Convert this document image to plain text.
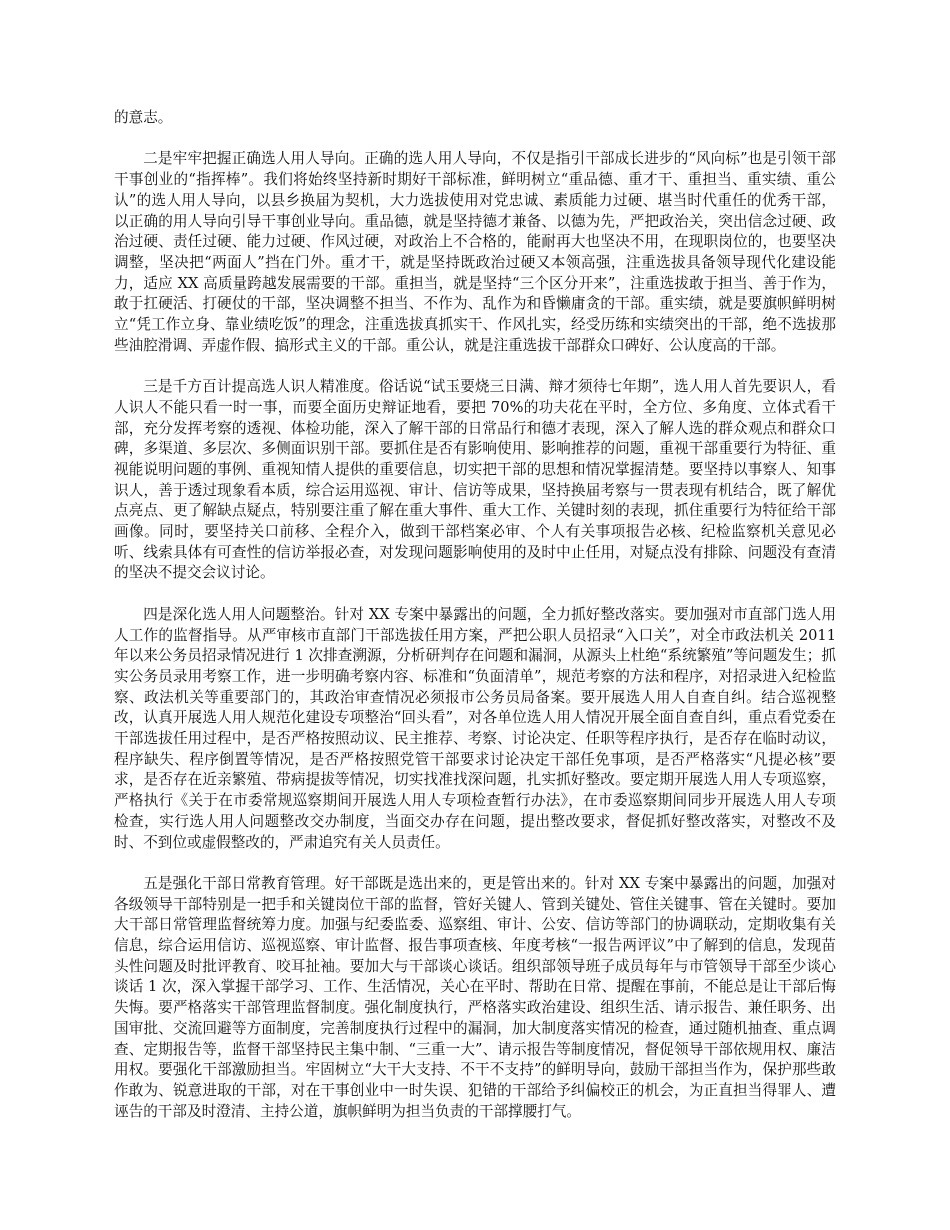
的意志。

二是牢牢把握正确选人用人导向。正确的选人用人导向，不仅是指引干部成长进步的“风向标”也是引领干部干事创业的“指挥棒”。我们将始终坚持新时期好干部标准，鲜明树立“重品德、重才干、重担当、重实绩、重公认”的选人用人导向，以县乡换届为契机，大力选拔使用对党忠诚、素质能力过硬、堪当时代重任的优秀干部，以正确的用人导向引导干事创业导向。重品德，就是坚持德才兼备、以德为先，严把政治关，突出信念过硬、政治过硬、责任过硬、能力过硬、作风过硬，对政治上不合格的，能耐再大也坚决不用，在现职岗位的，也要坚决调整，坚决把“两面人”挡在门外。重才干，就是坚持既政治过硬又本领高强，注重选拔具备领导现代化建设能力，适应 XX 高质量跨越发展需要的干部。重担当，就是坚持“三个区分开来”，注重选拔敢于担当、善于作为，敢于扛硬活、打硬仗的干部，坚决调整不担当、不作为、乱作为和昏懒庸贪的干部。重实绩，就是要旗帜鲜明树立“凭工作立身、靠业绩吃饭”的理念，注重选拔真抓实干、作风扎实，经受历练和实绩突出的干部，绝不选拔那些油腔滑调、弄虚作假、搞形式主义的干部。重公认，就是注重选拔干部群众口碑好、公认度高的干部。

三是千方百计提高选人识人精准度。俗话说“试玉要烧三日满、辩才须待七年期”，选人用人首先要识人，看人识人不能只看一时一事，而要全面历史辩证地看，要把 70%的功夫花在平时，全方位、多角度、立体式看干部，充分发挥考察的透视、体检功能，深入了解干部的日常品行和德才表现，深入了解人选的群众观点和群众口碑，多渠道、多层次、多侧面识别干部。要抓住是否有影响使用、影响推荐的问题，重视干部重要行为特征、重视能说明问题的事例、重视知情人提供的重要信息，切实把干部的思想和情况掌握清楚。要坚持以事察人、知事识人，善于透过现象看本质，综合运用巡视、审计、信访等成果，坚持换届考察与一贯表现有机结合，既了解优点亮点、更了解缺点疑点，特别要注重了解在重大事件、重大工作、关键时刻的表现，抓住重要行为特征给干部画像。同时，要坚持关口前移、全程介入，做到干部档案必审、个人有关事项报告必核、纪检监察机关意见必听、线索具体有可查性的信访举报必查，对发现问题影响使用的及时中止任用，对疑点没有排除、问题没有查清的坚决不提交会议讨论。

四是深化选人用人问题整治。针对 XX 专案中暴露出的问题，全力抓好整改落实。要加强对市直部门选人用人工作的监督指导。从严审核市直部门干部选拔任用方案，严把公职人员招录“入口关”，对全市政法机关 2011 年以来公务员招录情况进行 1 次排查溯源，分析研判存在问题和漏洞，从源头上杜绝“系统繁殖”等问题发生；抓实公务员录用考察工作，进一步明确考察内容、标准和“负面清单”，规范考察的方法和程序，对招录进入纪检监察、政法机关等重要部门的，其政治审查情况必须报市公务员局备案。要开展选人用人自查自纠。结合巡视整改，认真开展选人用人规范化建设专项整治“回头看”，对各单位选人用人情况开展全面自查自纠，重点看党委在干部选拔任用过程中，是否严格按照动议、民主推荐、考察、讨论决定、任职等程序执行，是否存在临时动议，程序缺失、程序倒置等情况，是否严格按照党管干部要求讨论决定干部任免事项，是否严格落实“凡提必核”要求，是否存在近亲繁殖、带病提拔等情况，切实找准找深问题，扎实抓好整改。要定期开展选人用人专项巡察，严格执行《关于在市委常规巡察期间开展选人用人专项检查暂行办法》，在市委巡察期间同步开展选人用人专项检查，实行选人用人问题整改交办制度，当面交办存在问题，提出整改要求，督促抓好整改落实，对整改不及时、不到位或虚假整改的，严肃追究有关人员责任。

五是强化干部日常教育管理。好干部既是选出来的，更是管出来的。针对 XX 专案中暴露出的问题，加强对各级领导干部特别是一把手和关键岗位干部的监督，管好关键人、管到关键处、管住关键事、管在关键时。要加大干部日常管理监督统筹力度。加强与纪委监委、巡察组、审计、公安、信访等部门的协调联动，定期收集有关信息，综合运用信访、巡视巡察、审计监督、报告事项查核、年度考核“一报告两评议”中了解到的信息，发现苗头性问题及时批评教育、咬耳扯袖。要加大与干部谈心谈话。组织部领导班子成员每年与市管领导干部至少谈心谈话 1 次，深入掌握干部学习、工作、生活情况，关心在平时、帮助在日常、提醒在事前，不能总是让干部后悔失悔。要严格落实干部管理监督制度。强化制度执行，严格落实政治建设、组织生活、请示报告、兼任职务、出国审批、交流回避等方面制度，完善制度执行过程中的漏洞，加大制度落实情况的检查，通过随机抽查、重点调查、定期报告等，监督干部坚持民主集中制、“三重一大”、请示报告等制度情况，督促领导干部依规用权、廉洁用权。要强化干部激励担当。牢固树立“大干大支持、不干不支持”的鲜明导向，鼓励干部担当作为，保护那些敢作敢为、锐意进取的干部，对在干事创业中一时失误、犯错的干部给予纠偏校正的机会，为正直担当得罪人、遭诬告的干部及时澄清、主持公道，旗帜鲜明为担当负责的干部撑腰打气。
